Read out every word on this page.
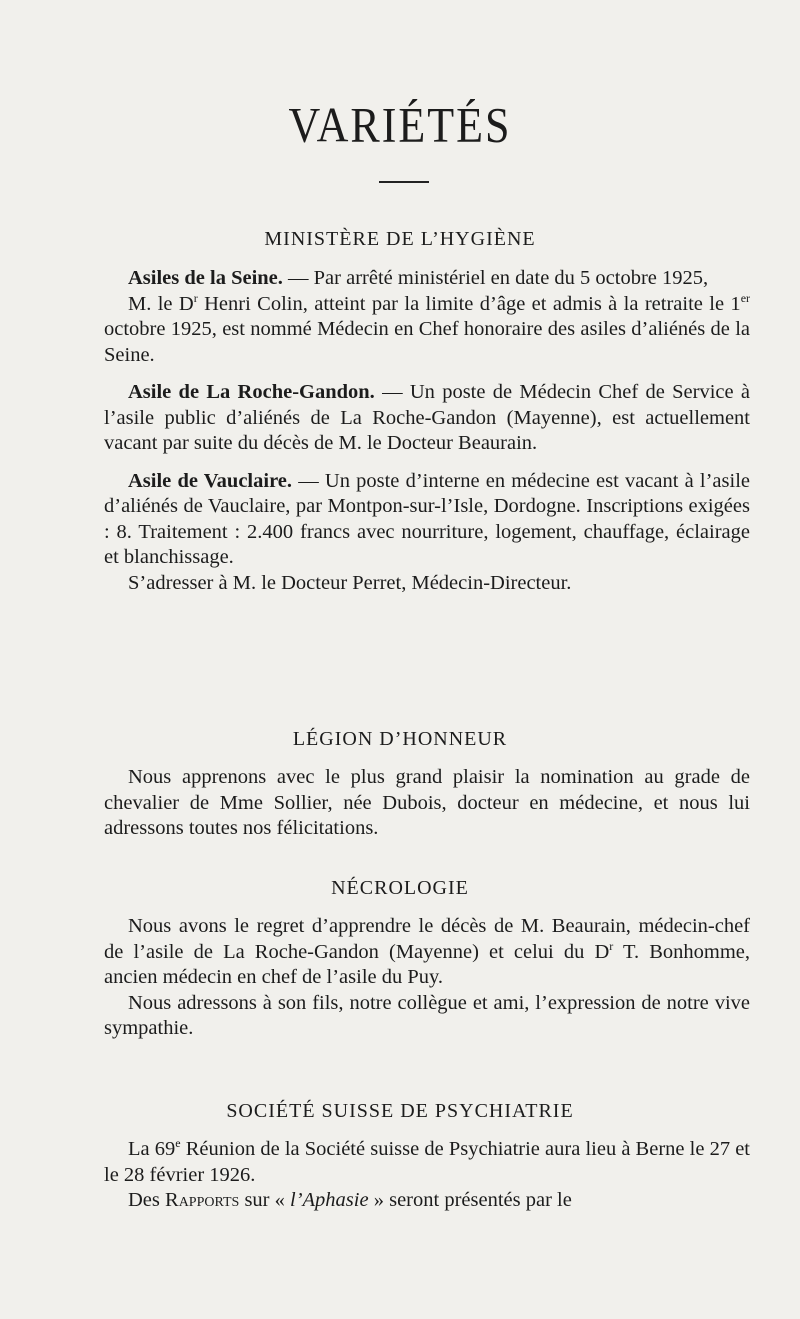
VARIÉTÉS
MINISTÈRE DE L’HYGIÈNE

Asiles de la Seine. — Par arrêté ministériel en date du 5 octobre 1925,

M. le $D^r$ Henri Colin, atteint par la limite d’âge et admis à la retraite le 1er octobre 1925, est nommé Médecin en Chef honoraire des asiles d’aliénés de la Seine.

Asile de La Roche-Gandon. — Un poste de Médecin Chef de Service à l’asile public d’aliénés de La Roche-Gandon (Mayenne), est actuellement vacant par suite du décès de M. le Docteur Beaurain.

Asile de Vauclaire. — Un poste d’interne en médecine est vacant à l’asile d’aliénés de Vauclaire, par Montpon-sur-l’Isle, Dordogne. Inscriptions exigées : 8. Traitement : 2.400 francs avec nourriture, logement, chauffage, éclairage et blanchissage.

S’adresser à M. le Docteur Perret, Médecin-Directeur.

LÉGION D’HONNEUR

Nous apprenons avec le plus grand plaisir la nomination au grade de chevalier de Mme Sollier, née Dubois, docteur en médecine, et nous lui adressons toutes nos félicitations.

NÉCROLOGIE

Nous avons le regret d’apprendre le décès de M. Beaurain, médecin-chef de l’asile de La Roche-Gandon (Mayenne) et celui du $D^r$ T. Bonhomme, ancien médecin en chef de l’asile du Puy.

Nous adressons à son fils, notre collègue et ami, l’expression de notre vive sympathie.

SOCIÉTÉ SUISSE DE PSYCHIATRIE

La 69e Réunion de la Société suisse de Psychiatrie aura lieu à Berne le 27 et le 28 février 1926.

Des Rapports sur « l’Aphasie » seront présentés par le
